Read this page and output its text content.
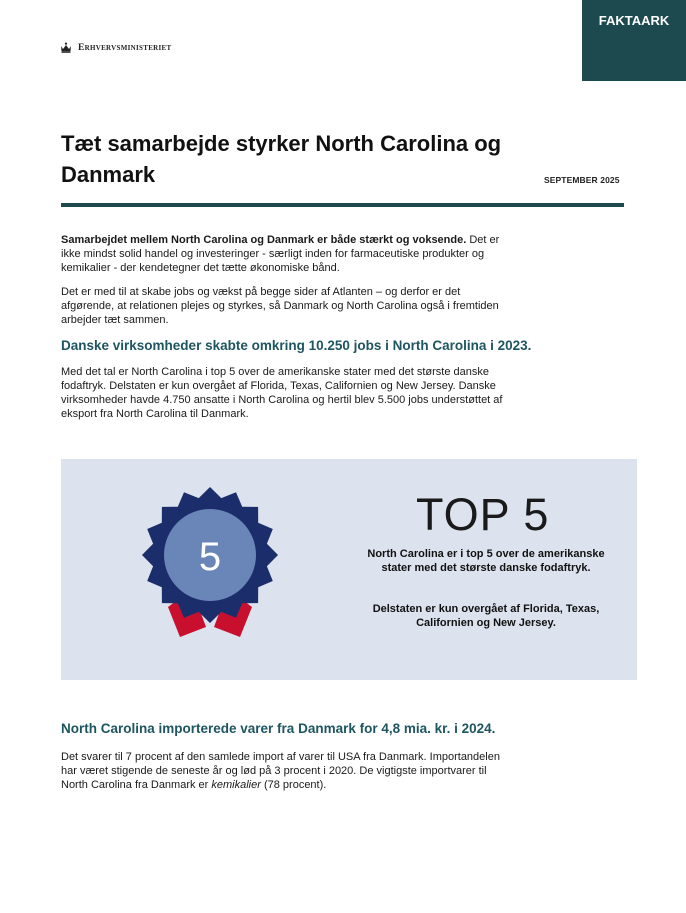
FAKTAARK
Erhvervsministeriet
Tæt samarbejde styrker North Carolina og Danmark	SEPTEMBER 2025

Samarbejdet mellem North Carolina og Danmark er både stærkt og voksende. Det er ikke mindst solid handel og investeringer - særligt inden for farmaceutiske produkter og kemikalier - der kendetegner det tætte økonomiske bånd.

Det er med til at skabe jobs og vækst på begge sider af Atlanten – og derfor er det afgørende, at relationen plejes og styrkes, så Danmark og North Carolina også i fremtiden arbejder tæt sammen.

Danske virksomheder skabte omkring 10.250 jobs i North Carolina i 2023.

Med det tal er North Carolina i top 5 over de amerikanske stater med det største danske fodaftryk. Delstaten er kun overgået af Florida, Texas, Californien og New Jersey. Danske virksomheder havde 4.750 ansatte i North Carolina og hertil blev 5.500 jobs understøttet af eksport fra North Carolina til Danmark.

5
TOP 5

North Carolina er i top 5 over de amerikanske stater med det største danske fodaftryk.

Delstaten er kun overgået af Florida, Texas, Californien og New Jersey.

North Carolina importerede varer fra Danmark for 4,8 mia. kr. i 2024.

Det svarer til 7 procent af den samlede import af varer til USA fra Danmark. Importandelen har været stigende de seneste år og lød på 3 procent i 2020. De vigtigste importvarer til North Carolina fra Danmark er kemikalier (78 procent).
